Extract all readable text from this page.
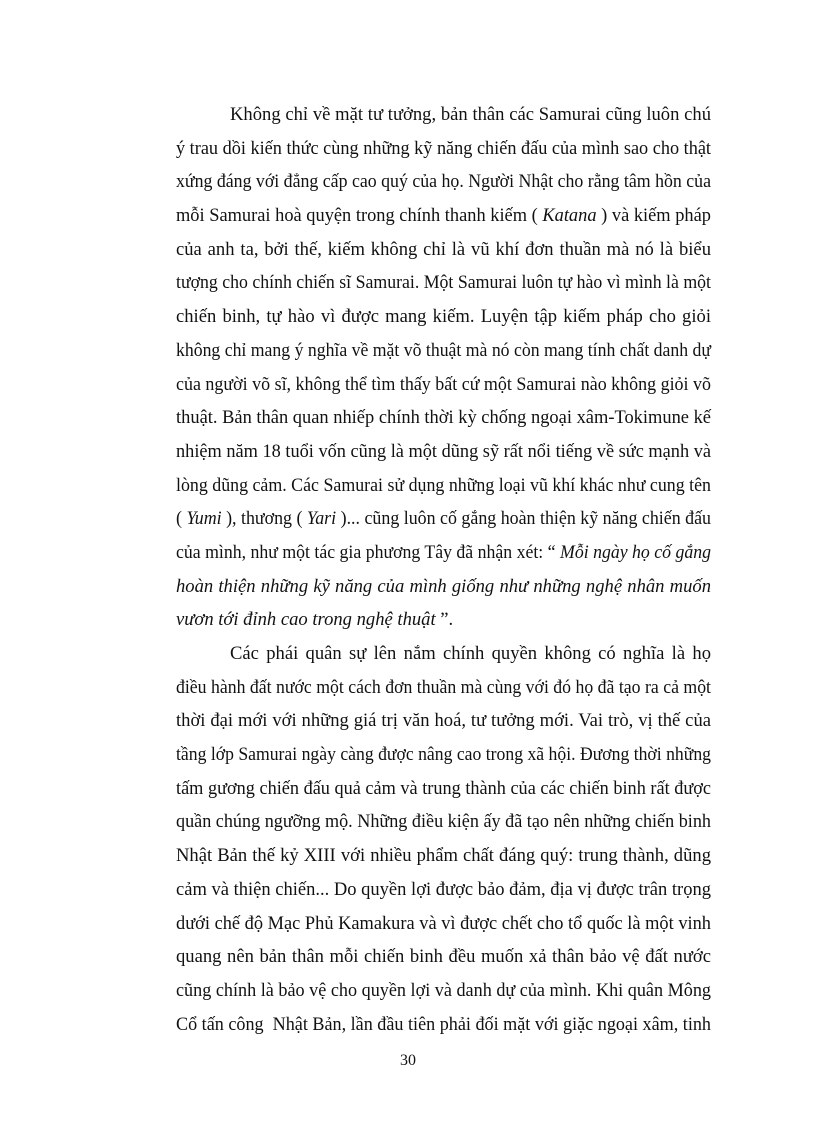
Không chỉ về mặt tư tưởng, bản thân các Samurai cũng luôn chú
ý trau dồi kiến thức cùng những kỹ năng chiến đấu của mình sao cho thật
xứng đáng với đẳng cấp cao quý của họ. Người Nhật cho rằng tâm hồn của
mỗi Samurai hoà quyện trong chính thanh kiếm ( Katana ) và kiếm pháp
của anh ta, bởi thế, kiếm không chỉ là vũ khí đơn thuần mà nó là biểu
tượng cho chính chiến sĩ Samurai. Một Samurai luôn tự hào vì mình là một
chiến binh, tự hào vì được mang kiếm. Luyện tập kiếm pháp cho giỏi
không chỉ mang ý nghĩa về mặt võ thuật mà nó còn mang tính chất danh dự
của người võ sĩ, không thể tìm thấy bất cứ một Samurai nào không giỏi võ
thuật. Bản thân quan nhiếp chính thời kỳ chống ngoại xâm-Tokimune kế
nhiệm năm 18 tuổi vốn cũng là một dũng sỹ rất nổi tiếng về sức mạnh và
lòng dũng cảm. Các Samurai sử dụng những loại vũ khí khác như cung tên
( Yumi ), thương ( Yari )... cũng luôn cố gắng hoàn thiện kỹ năng chiến đấu
của mình, như một tác gia phương Tây đã nhận xét: “ Mỗi ngày họ cố gắng
hoàn thiện những kỹ năng của mình giống như những nghệ nhân muốn
vươn tới đỉnh cao trong nghệ thuật ”.
Các phái quân sự lên nắm chính quyền không có nghĩa là họ
điều hành đất nước một cách đơn thuần mà cùng với đó họ đã tạo ra cả một
thời đại mới với những giá trị văn hoá, tư tưởng mới. Vai trò, vị thế của
tầng lớp Samurai ngày càng được nâng cao trong xã hội. Đương thời những
tấm gương chiến đấu quả cảm và trung thành của các chiến binh rất được
quần chúng ngưỡng mộ. Những điều kiện ấy đã tạo nên những chiến binh
Nhật Bản thế kỷ XIII với nhiều phẩm chất đáng quý: trung thành, dũng
cảm và thiện chiến... Do quyền lợi được bảo đảm, địa vị được trân trọng
dưới chế độ Mạc Phủ Kamakura và vì được chết cho tổ quốc là một vinh
quang nên bản thân mỗi chiến binh đều muốn xả thân bảo vệ đất nước
cũng chính là bảo vệ cho quyền lợi và danh dự của mình. Khi quân Mông
Cổ tấn công  Nhật Bản, lần đầu tiên phải đối mặt với giặc ngoại xâm, tinh
30
